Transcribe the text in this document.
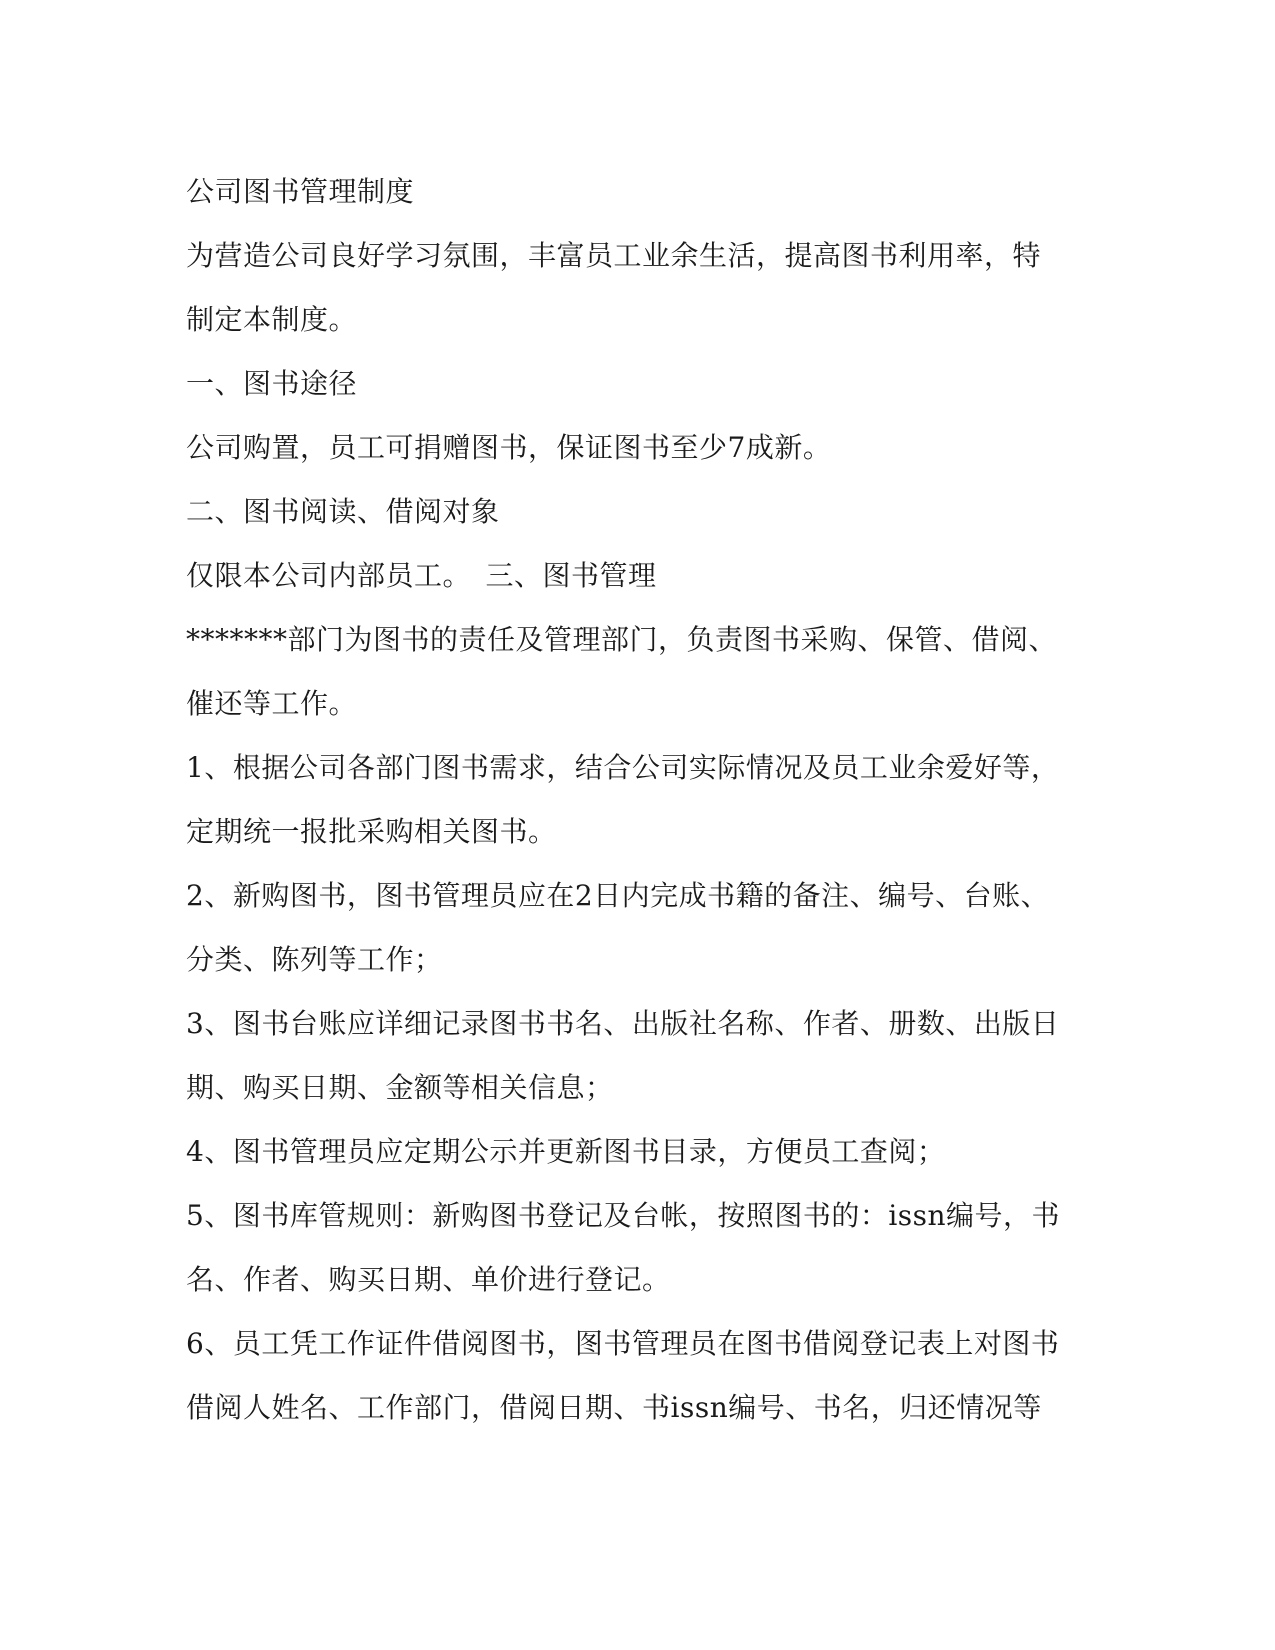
公司图书管理制度
为营造公司良好学习氛围，丰富员工业余生活，提高图书利用率，特
制定本制度。
一、图书途径
公司购置，员工可捐赠图书，保证图书至少7成新。
二、图书阅读、借阅对象
仅限本公司内部员工。　三、图书管理
*******部门为图书的责任及管理部门，负责图书采购、保管、借阅、
催还等工作。
1、根据公司各部门图书需求，结合公司实际情况及员工业余爱好等，
定期统一报批采购相关图书。
2、新购图书，图书管理员应在2日内完成书籍的备注、编号、台账、
分类、陈列等工作；
3、图书台账应详细记录图书书名、出版社名称、作者、册数、出版日
期、购买日期、金额等相关信息；
4、图书管理员应定期公示并更新图书目录，方便员工查阅；
5、图书库管规则：新购图书登记及台帐，按照图书的：issn编号，书
名、作者、购买日期、单价进行登记。
6、员工凭工作证件借阅图书，图书管理员在图书借阅登记表上对图书
借阅人姓名、工作部门，借阅日期、书issn编号、书名，归还情况等
